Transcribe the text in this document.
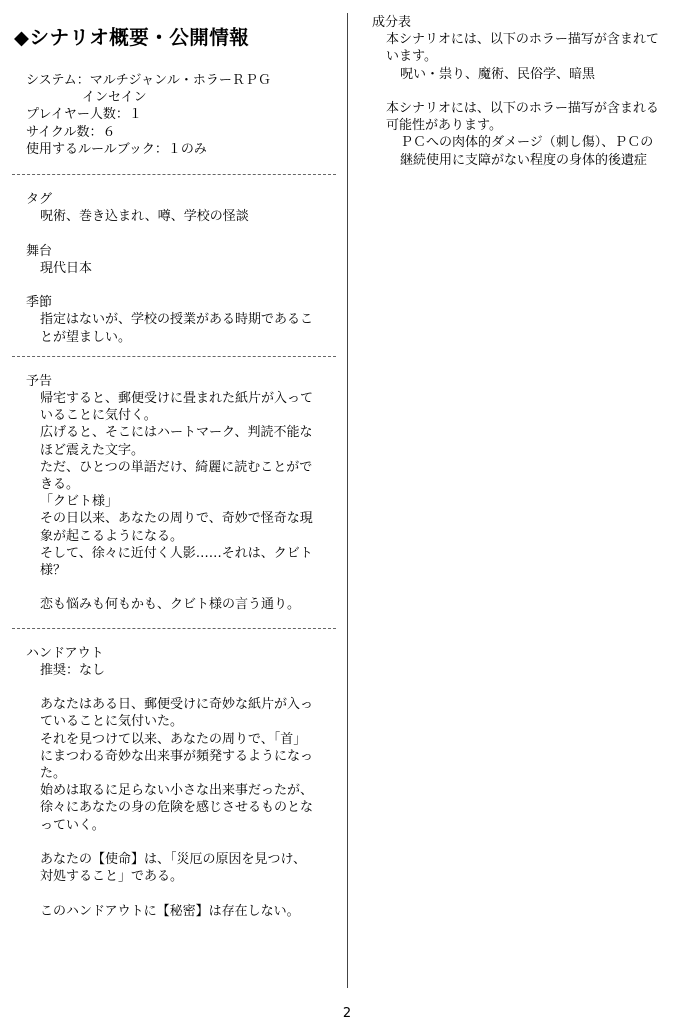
◆シナリオ概要・公開情報
システム：マルチジャンル・ホラーＲＰＧ
インセイン
プレイヤー人数：１
サイクル数：６
使用するルールブック：１のみ
タグ
呪術、巻き込まれ、噂、学校の怪談
舞台
現代日本
季節
指定はないが、学校の授業がある時期であるこ
とが望ましい。
予告
帰宅すると、郵便受けに畳まれた紙片が入って
いることに気付く。
広げると、そこにはハートマーク、判読不能な
ほど震えた文字。
ただ、ひとつの単語だけ、綺麗に読むことがで
きる。
「クビト様」
その日以来、あなたの周りで、奇妙で怪奇な現
象が起こるようになる。
そして、徐々に近付く人影……それは、クビト
様？
恋も悩みも何もかも、クビト様の言う通り。
ハンドアウト
推奨：なし
あなたはある日、郵便受けに奇妙な紙片が入っ
ていることに気付いた。
それを見つけて以来、あなたの周りで、「首」
にまつわる奇妙な出来事が頻発するようになっ
た。
始めは取るに足らない小さな出来事だったが、
徐々にあなたの身の危険を感じさせるものとな
っていく。
あなたの【使命】は、「災厄の原因を見つけ、
対処すること」である。
このハンドアウトに【秘密】は存在しない。
成分表
本シナリオには、以下のホラー描写が含まれて
います。
呪い・祟り、魔術、民俗学、暗黒
本シナリオには、以下のホラー描写が含まれる
可能性があります。
ＰＣへの肉体的ダメージ（刺し傷）、ＰＣの
継続使用に支障がない程度の身体的後遺症
2
